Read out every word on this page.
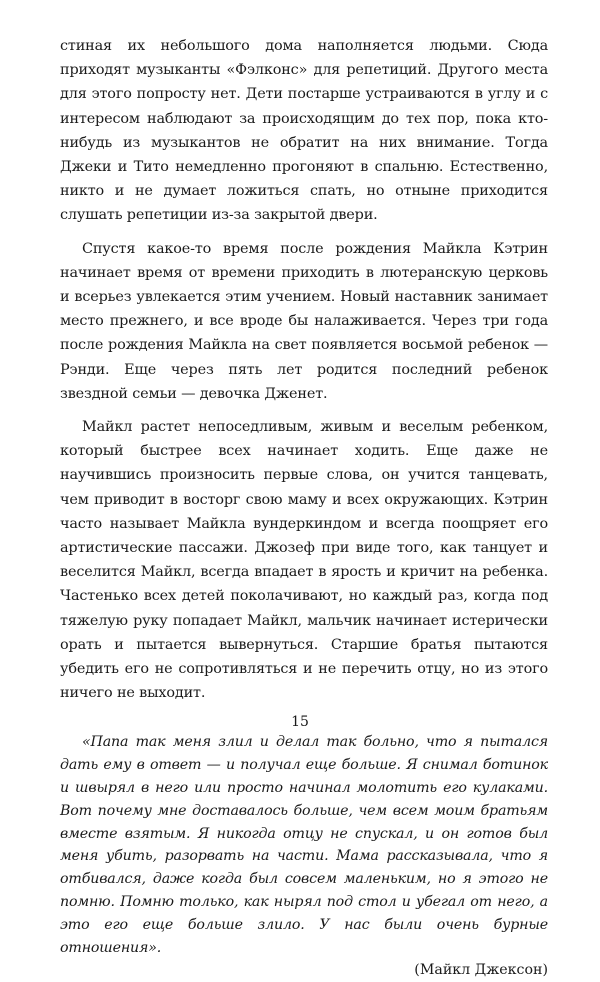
стиная их небольшого дома наполняется людьми. Сюда приходят музыканты «Фэлконс» для репетиций. Другого места для этого попросту нет. Дети постарше устраиваются в углу и с интересом наблюдают за происходящим до тех пор, пока кто-нибудь из музыкантов не обратит на них внимание. Тогда Джеки и Тито немедленно прогоняют в спальню. Естественно, никто и не думает ложиться спать, но отныне приходится слушать репетиции из-за закрытой двери.

Спустя какое-то время после рождения Майкла Кэтрин начинает время от времени приходить в лютеранскую церковь и всерьез увлекается этим учением. Новый наставник занимает место прежнего, и все вроде бы налаживается. Через три года после рождения Майкла на свет появляется восьмой ребенок — Рэнди. Еще через пять лет родится последний ребенок звездной семьи — девочка Дженет.

Майкл растет непоседливым, живым и веселым ребенком, который быстрее всех начинает ходить. Еще даже не научившись произносить первые слова, он учится танцевать, чем приводит в восторг свою маму и всех окружающих. Кэтрин часто называет Майкла вундеркиндом и всегда поощряет его артистические пассажи. Джозеф при виде того, как танцует и веселится Майкл, всегда впадает в ярость и кричит на ребенка. Частенько всех детей поколачивают, но каждый раз, когда под тяжелую руку попадает Майкл, мальчик начинает истерически орать и пытается вывернуться. Старшие братья пытаются убедить его не сопротивляться и не перечить отцу, но из этого ничего не выходит.

«Папа так меня злил и делал так больно, что я пытался дать ему в ответ — и получал еще больше. Я снимал ботинок и швырял в него или просто начинал молотить его кулаками. Вот почему мне доставалось больше, чем всем моим братьям вместе взятым. Я никогда отцу не спускал, и он готов был меня убить, разорвать на части. Мама рассказывала, что я отбивался, даже когда был совсем маленьким, но я этого не помню. Помню только, как нырял под стол и убегал от него, а это его еще больше злило. У нас были очень бурные отношения».

(Майкл Джексон)
15
